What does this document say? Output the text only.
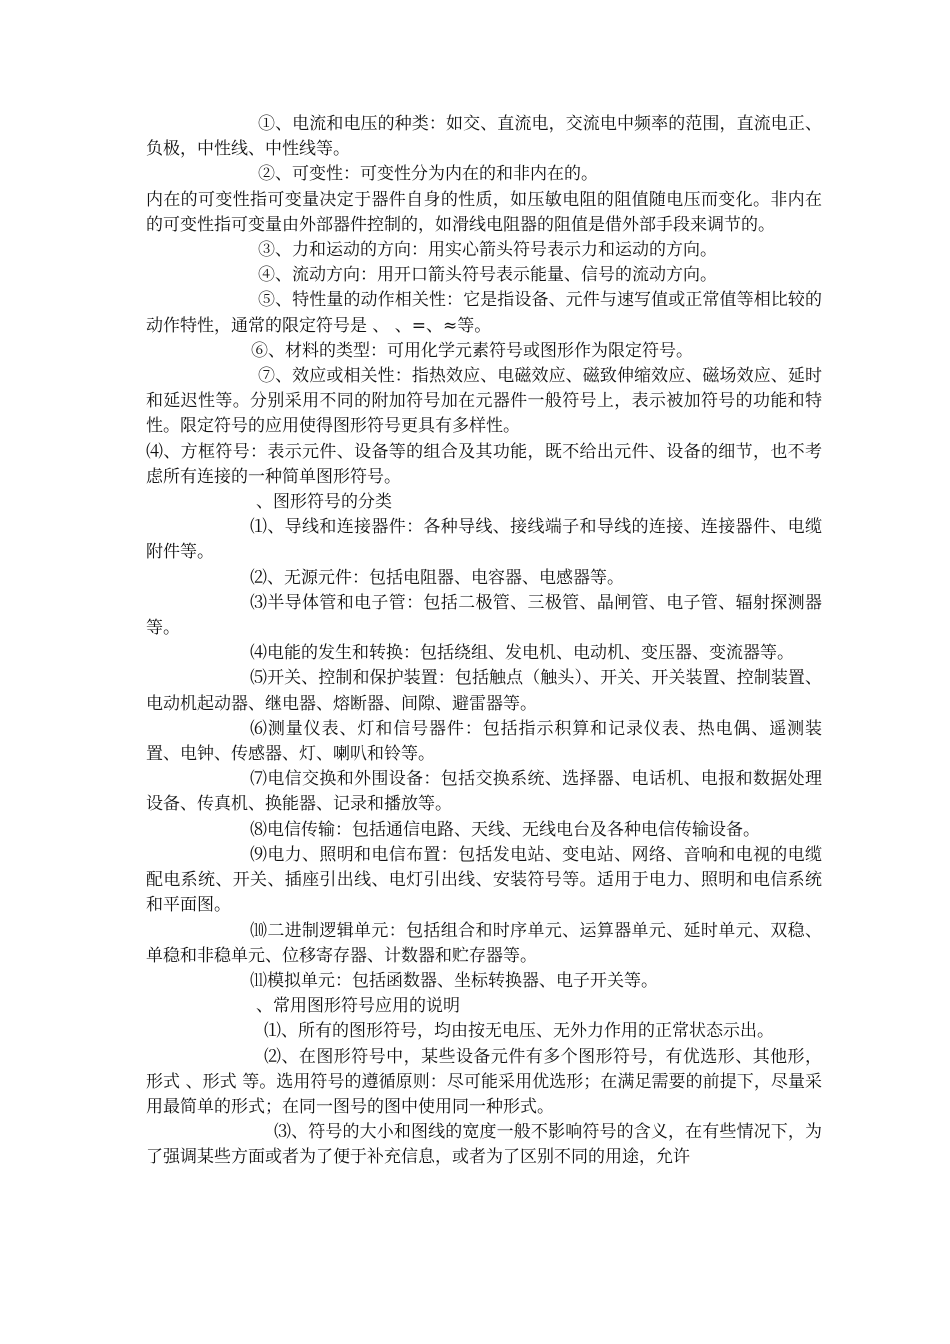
①、电流和电压的种类：如交、直流电，交流电中频率的范围，直流电正、负极，中性线、中性线等。

②、可变性：可变性分为内在的和非内在的。

内在的可变性指可变量决定于器件自身的性质，如压敏电阻的阻值随电压而变化。非内在的可变性指可变量由外部器件控制的，如滑线电阻器的阻值是借外部手段来调节的。

③、力和运动的方向：用实心箭头符号表示力和运动的方向。

④、流动方向：用开口箭头符号表示能量、信号的流动方向。

⑤、特性量的动作相关性：它是指设备、元件与速写值或正常值等相比较的动作特性，通常的限定符号是 、 、=、≈等。

⑥、材料的类型：可用化学元素符号或图形作为限定符号。

⑦、效应或相关性：指热效应、电磁效应、磁致伸缩效应、磁场效应、延时和延迟性等。分别采用不同的附加符号加在元器件一般符号上，表示被加符号的功能和特性。限定符号的应用使得图形符号更具有多样性。

⑷、方框符号：表示元件、设备等的组合及其功能，既不给出元件、设备的细节，也不考虑所有连接的一种简单图形符号。

、图形符号的分类

⑴、导线和连接器件：各种导线、接线端子和导线的连接、连接器件、电缆附件等。

⑵、无源元件：包括电阻器、电容器、电感器等。

⑶半导体管和电子管：包括二极管、三极管、晶闸管、电子管、辐射探测器等。

⑷电能的发生和转换：包括绕组、发电机、电动机、变压器、变流器等。

⑸开关、控制和保护装置：包括触点（触头）、开关、开关装置、控制装置、电动机起动器、继电器、熔断器、间隙、避雷器等。

⑹测量仪表、灯和信号器件：包括指示积算和记录仪表、热电偶、遥测装置、电钟、传感器、灯、喇叭和铃等。

⑺电信交换和外围设备：包括交换系统、选择器、电话机、电报和数据处理设备、传真机、换能器、记录和播放等。

⑻电信传输：包括通信电路、天线、无线电台及各种电信传输设备。

⑼电力、照明和电信布置：包括发电站、变电站、网络、音响和电视的电缆配电系统、开关、插座引出线、电灯引出线、安装符号等。适用于电力、照明和电信系统和平面图。

⑽二进制逻辑单元：包括组合和时序单元、运算器单元、延时单元、双稳、单稳和非稳单元、位移寄存器、计数器和贮存器等。

⑾模拟单元：包括函数器、坐标转换器、电子开关等。

、常用图形符号应用的说明

⑴、所有的图形符号，均由按无电压、无外力作用的正常状态示出。

⑵、在图形符号中，某些设备元件有多个图形符号，有优选形、其他形，形式 、形式 等。选用符号的遵循原则：尽可能采用优选形；在满足需要的前提下，尽量采用最简单的形式；在同一图号的图中使用同一种形式。

⑶、符号的大小和图线的宽度一般不影响符号的含义，在有些情况下，为了强调某些方面或者为了便于补充信息，或者为了区别不同的用途，允许
